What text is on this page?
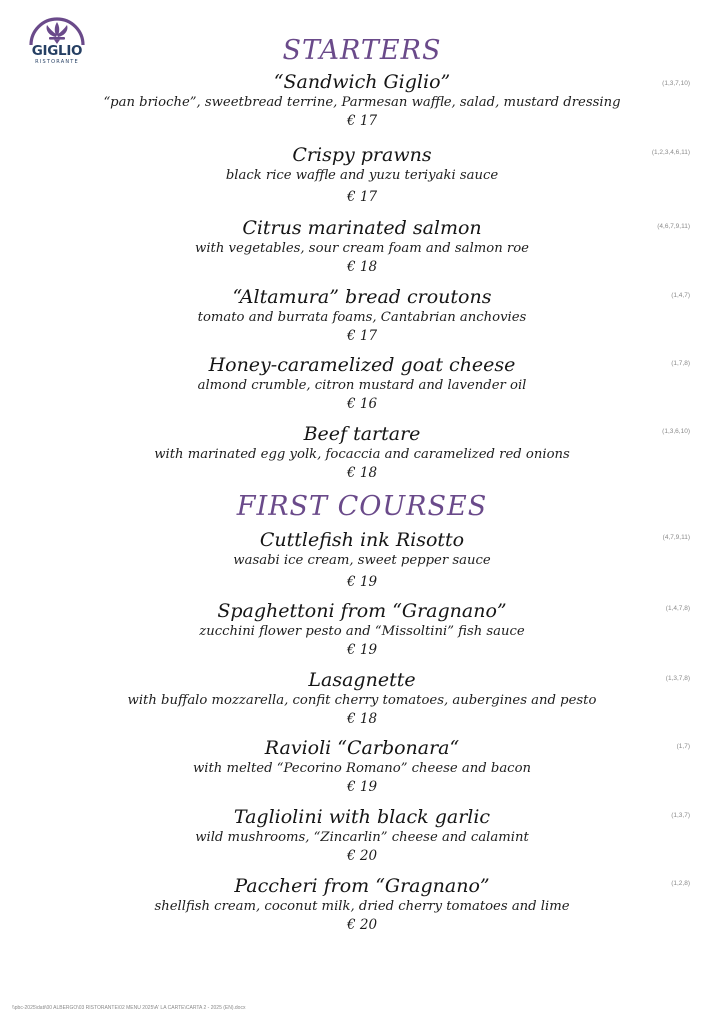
GIGLIO
RISTORANTE	STARTERS
“Sandwich Giglio”
“pan brioche”, sweetbread terrine, Parmesan waffle, salad, mustard dressing
€ 17
(1,3,7,10)
Crispy prawns
black rice waffle and yuzu teriyaki sauce
€ 17
(1,2,3,4,6,11)
Citrus marinated salmon
with vegetables, sour cream foam and salmon roe
€ 18
(4,6,7,9,11)
“Altamura” bread croutons
tomato and burrata foams, Cantabrian anchovies
€ 17
(1,4,7)
Honey-caramelized goat cheese
almond crumble, citron mustard and lavender oil
€ 16
(1,7,8)
Beef tartare
with marinated egg yolk, focaccia and caramelized red onions
€ 18
(1,3,6,10)
FIRST COURSES
Cuttlefish ink Risotto
wasabi ice cream, sweet pepper sauce
€ 19
(4,7,9,11)
Spaghettoni from “Gragnano”
zucchini flower pesto and “Missoltini” fish sauce
€ 19
(1,4,7,8)
Lasagnette
with buffalo mozzarella, confit cherry tomatoes, aubergines and pesto
€ 18
(1,3,7,8)
Ravioli “Carbonara“
with melted “Pecorino Romano” cheese and bacon
€ 19
(1,7)
Tagliolini with black garlic
wild mushrooms, “Zincarlin” cheese and calamint
€ 20
(1,3,7)
Paccheri from “Gragnano”
shellfish cream, coconut milk, dried cherry tomatoes and lime
€ 20
(1,2,8)
\\pbc-2025\dati\00 ALBERGO\03 RISTORANTE\02 MENU 2025\A' LA CARTE\CARTA 2 - 2025 (EN).docx
